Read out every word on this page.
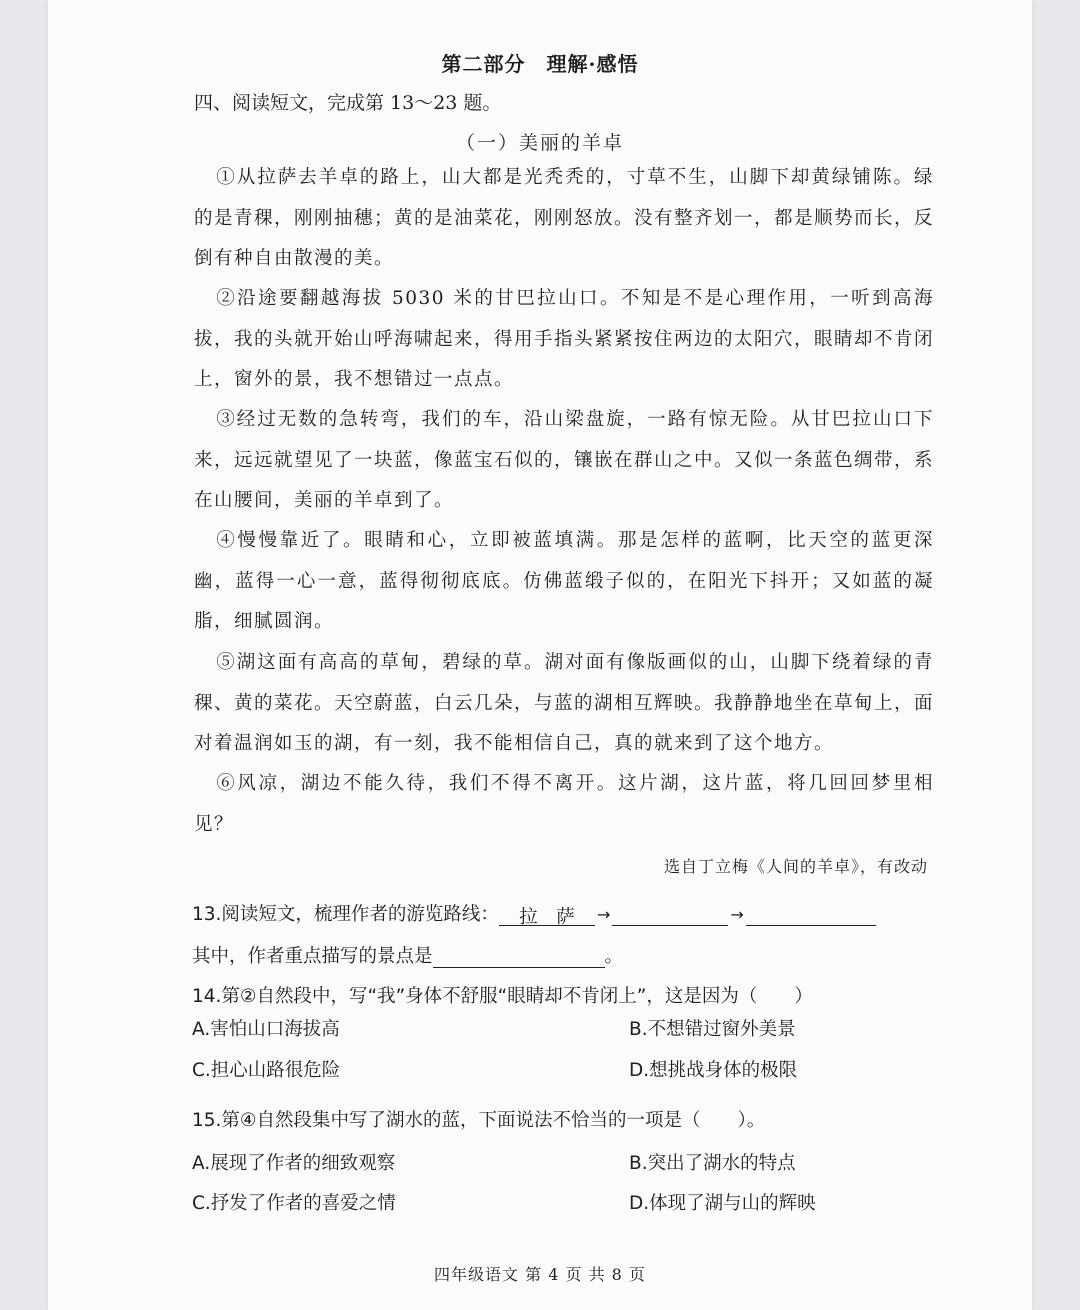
第二部分　理解·感悟
四、阅读短文，完成第 13～23 题。
（一）美丽的羊卓
①从拉萨去羊卓的路上，山大都是光秃秃的，寸草不生，山脚下却黄绿铺陈。绿的是青稞，刚刚抽穗；黄的是油菜花，刚刚怒放。没有整齐划一，都是顺势而长，反倒有种自由散漫的美。
②沿途要翻越海拔 5030 米的甘巴拉山口。不知是不是心理作用，一听到高海拔，我的头就开始山呼海啸起来，得用手指头紧紧按住两边的太阳穴，眼睛却不肯闭上，窗外的景，我不想错过一点点。
③经过无数的急转弯，我们的车，沿山梁盘旋，一路有惊无险。从甘巴拉山口下来，远远就望见了一块蓝，像蓝宝石似的，镶嵌在群山之中。又似一条蓝色绸带，系在山腰间，美丽的羊卓到了。
④慢慢靠近了。眼睛和心，立即被蓝填满。那是怎样的蓝啊，比天空的蓝更深幽，蓝得一心一意，蓝得彻彻底底。仿佛蓝缎子似的，在阳光下抖开；又如蓝的凝脂，细腻圆润。
⑤湖这面有高高的草甸，碧绿的草。湖对面有像版画似的山，山脚下绕着绿的青稞、黄的菜花。天空蔚蓝，白云几朵，与蓝的湖相互辉映。我静静地坐在草甸上，面对着温润如玉的湖，有一刻，我不能相信自己，真的就来到了这个地方。
⑥风凉，湖边不能久待，我们不得不离开。这片湖，这片蓝，将几回回梦里相见？
选自丁立梅《人间的羊卓》，有改动
13.阅读短文，梳理作者的游览路线： 拉　萨 →	→
其中，作者重点描写的景点是	。
14.第②自然段中，写“我”身体不舒服“眼睛却不肯闭上”，这是因为（　　）
A.害怕山口海拔高	B.不想错过窗外美景
C.担心山路很危险	D.想挑战身体的极限
15.第④自然段集中写了湖水的蓝，下面说法不恰当的一项是（　　）。
A.展现了作者的细致观察	B.突出了湖水的特点
C.抒发了作者的喜爱之情	D.体现了湖与山的辉映
四年级语文 第 4 页 共 8 页
